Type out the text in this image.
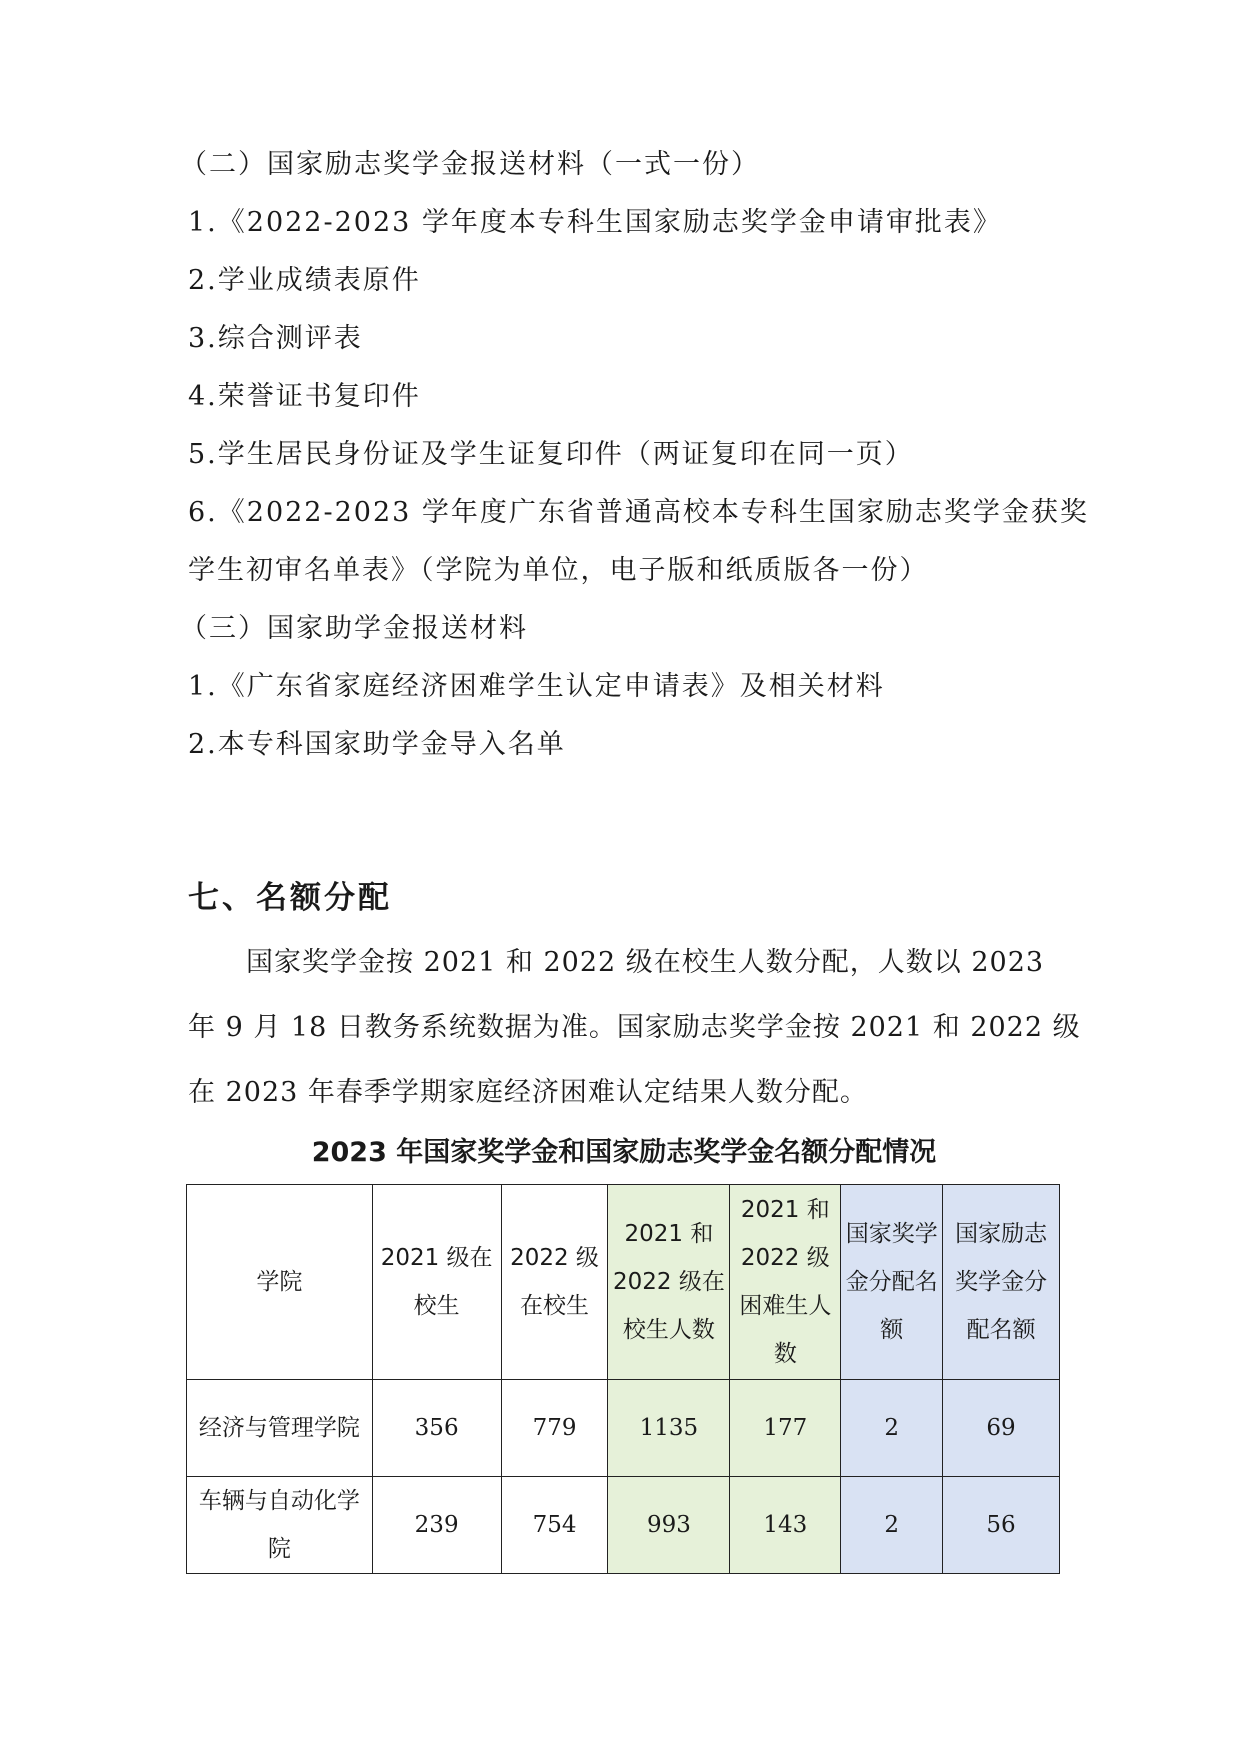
（二）国家励志奖学金报送材料（一式一份）
1.《2022-2023 学年度本专科生国家励志奖学金申请审批表》
2.学业成绩表原件
3.综合测评表
4.荣誉证书复印件
5.学生居民身份证及学生证复印件（两证复印在同一页）
6.《2022-2023 学年度广东省普通高校本专科生国家励志奖学金获奖
学生初审名单表》（学院为单位，电子版和纸质版各一份）
（三）国家助学金报送材料
1.《广东省家庭经济困难学生认定申请表》及相关材料
2.本专科国家助学金导入名单
七、名额分配
国家奖学金按 2021 和 2022 级在校生人数分配，人数以 2023
年 9 月 18 日教务系统数据为准。国家励志奖学金按 2021 和 2022 级
在 2023 年春季学期家庭经济困难认定结果人数分配。
2023 年国家奖学金和国家励志奖学金名额分配情况
学院	2021 级在校生	2022 级在校生	2021 和 2022 级在校生人数	2021 和 2022 级困难生人数	国家奖学金分配名额	国家励志奖学金分配名额
经济与管理学院	356	779	1135	177	2	69
车辆与自动化学院	239	754	993	143	2	56
